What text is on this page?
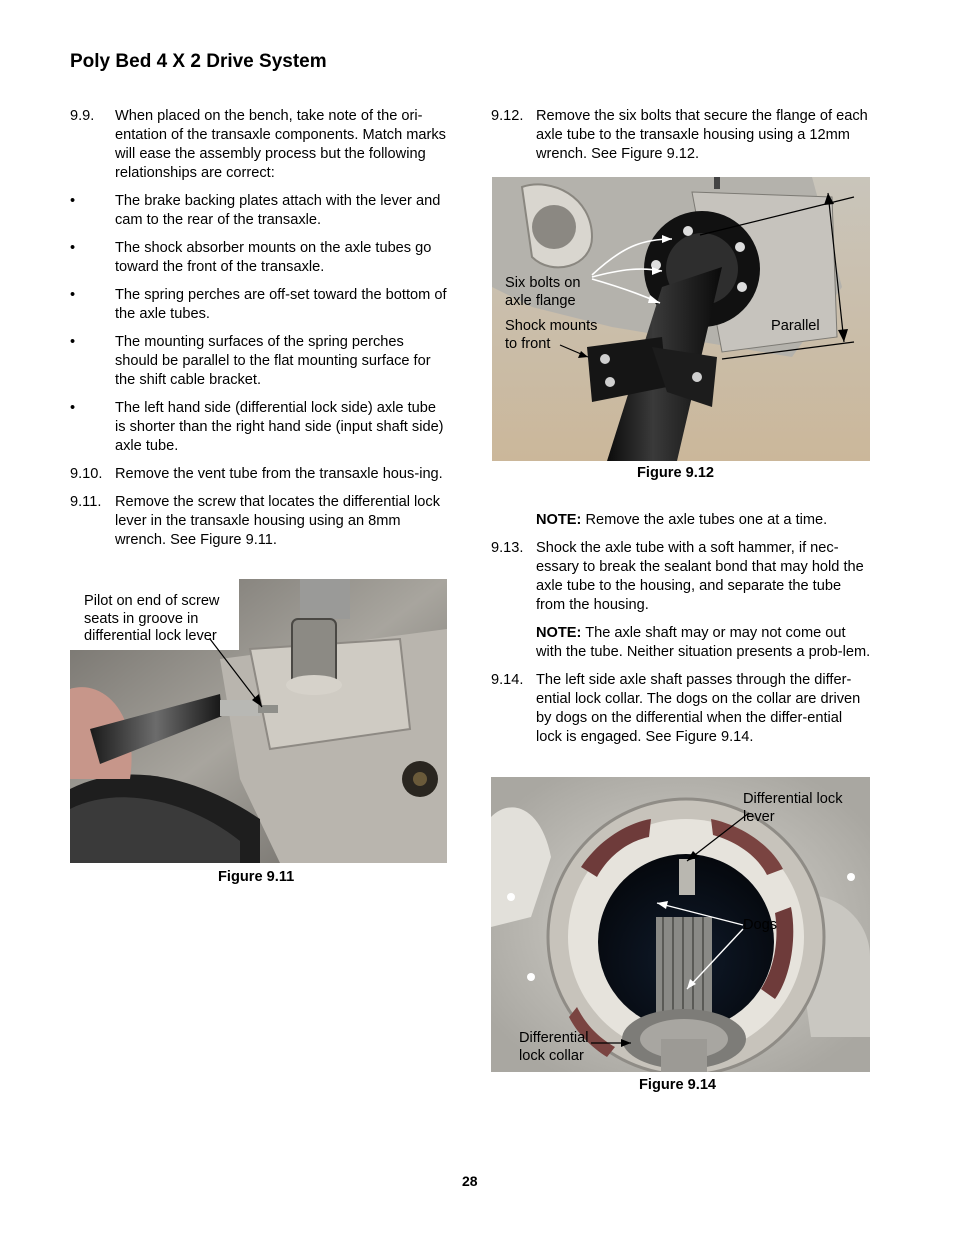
Poly Bed 4 X 2 Drive System
9.9. When placed on the bench, take note of the ori-entation of the transaxle components. Match marks will ease the assembly process but the following relationships are correct:
•	The brake backing plates attach with the lever and cam to the rear of the transaxle.
•	The shock absorber mounts on the axle tubes go toward the front of the transaxle.
•	The spring perches are off-set toward the bottom of the axle tubes.
•	The mounting surfaces of the spring perches should be parallel to the flat mounting surface for the shift cable bracket.
•	The left hand side (differential lock side) axle tube is shorter than the right hand side (input shaft side) axle tube.
9.10. Remove the vent tube from the transaxle hous-ing.
9.11. Remove the screw that locates the differential lock lever in the transaxle housing using an 8mm wrench. See Figure 9.11.
Pilot on end of screw
seats in groove in
differential lock lever
Figure 9.11
9.12. Remove the six bolts that secure the flange of each axle tube to the transaxle housing using a 12mm wrench. See Figure 9.12.
Six bolts on
axle flange
Shock mounts
to front
Parallel
Figure 9.12
NOTE: Remove the axle tubes one at a time.
9.13. Shock the axle tube with a soft hammer, if nec-essary to break the sealant bond that may hold the axle tube to the housing, and separate the tube from the housing.
NOTE: The axle shaft may or may not come out with the tube. Neither situation presents a prob-lem.
9.14. The left side axle shaft passes through the differ-ential lock collar. The dogs on the collar are driven by dogs on the differential when the differ-ential lock is engaged. See Figure 9.14.
Differential lock
lever
Dogs
Differential
lock collar
Figure 9.14
28
